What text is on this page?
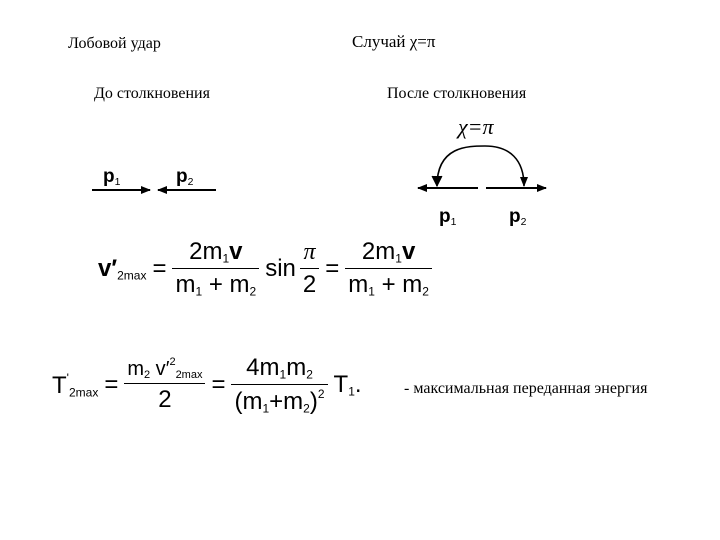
Лобовой удар	Случай χ=π
До столкновения	После столкновения
$p_1$	$p_2$
χ=π
$p_1$	$p_2$
$v'_{2max} = \frac{2m_1v}{m_1 + m_2}$ $\sin \frac{\pi}{2} = \frac{2m_1v}{m_1 + m_2}$
$T'_{2max} = \frac{m_2 v'^2_{2max}}{2} = \frac{4m_1m_2}{(m_1+m_2)^2} T_1$.	- максимальная переданная энергия
